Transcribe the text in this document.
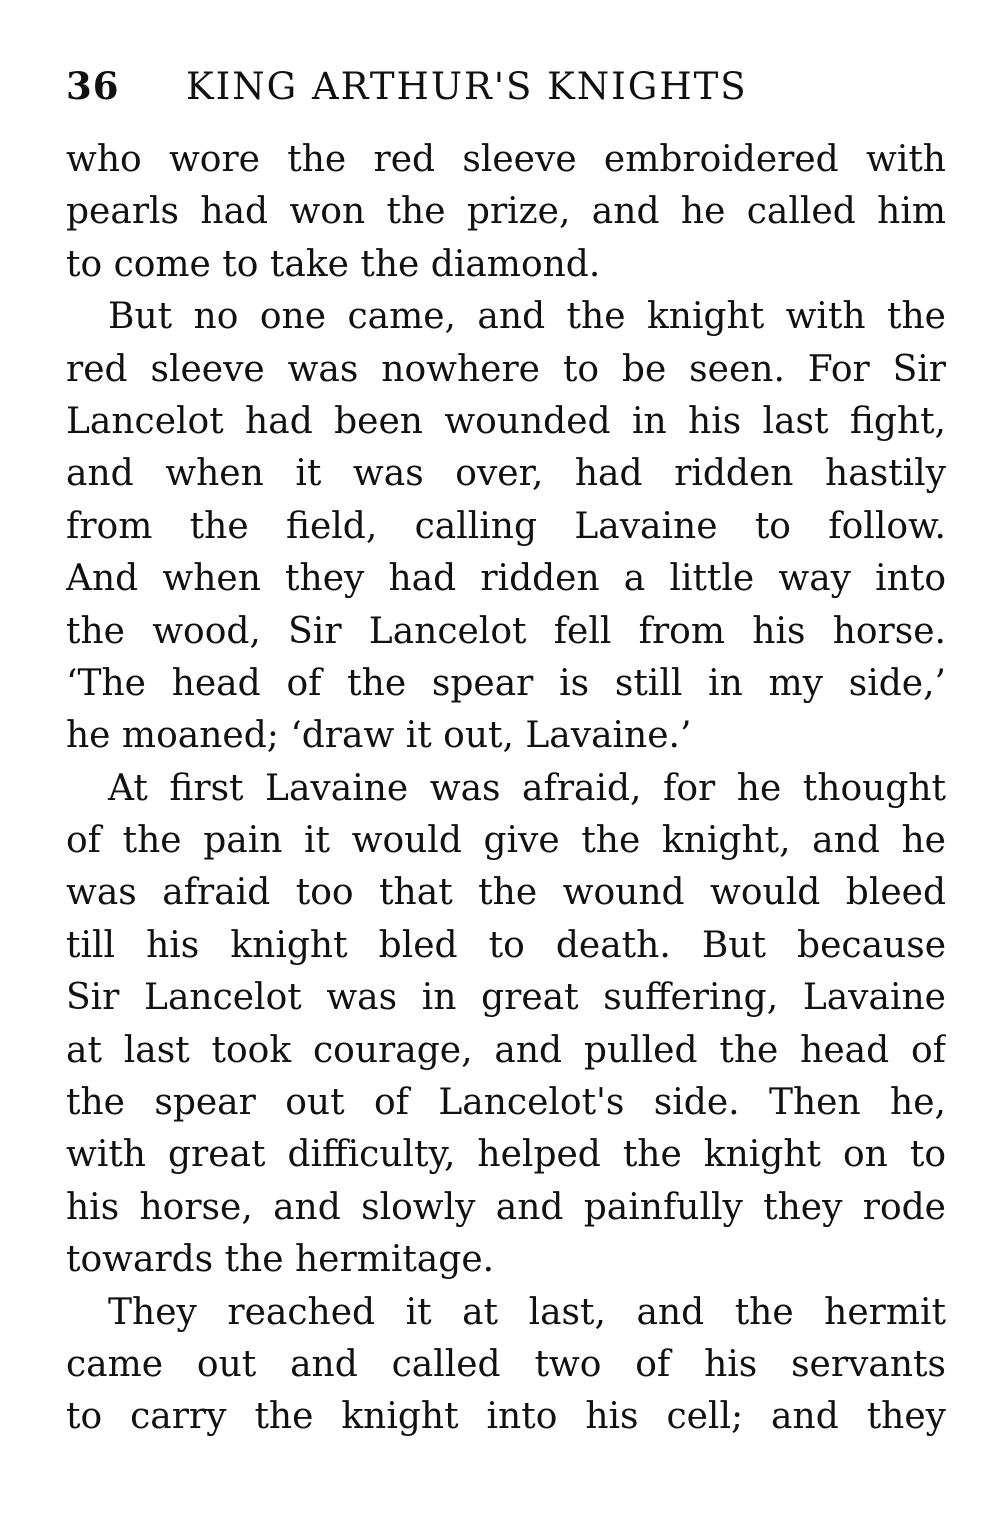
36	KING ARTHUR'S KNIGHTS
who wore the red sleeve embroidered with
pearls had won the prize, and he called him
to come to take the diamond.
But no one came, and the knight with the
red sleeve was nowhere to be seen. For Sir
Lancelot had been wounded in his last fight,
and when it was over, had ridden hastily
from the field, calling Lavaine to follow.
And when they had ridden a little way into
the wood, Sir Lancelot fell from his horse.
‘The head of the spear is still in my side,’
he moaned; ‘draw it out, Lavaine.’
At first Lavaine was afraid, for he thought
of the pain it would give the knight, and he
was afraid too that the wound would bleed
till his knight bled to death. But because
Sir Lancelot was in great suffering, Lavaine
at last took courage, and pulled the head of
the spear out of Lancelot's side. Then he,
with great difficulty, helped the knight on to
his horse, and slowly and painfully they rode
towards the hermitage.
They reached it at last, and the hermit
came out and called two of his servants
to carry the knight into his cell; and they
